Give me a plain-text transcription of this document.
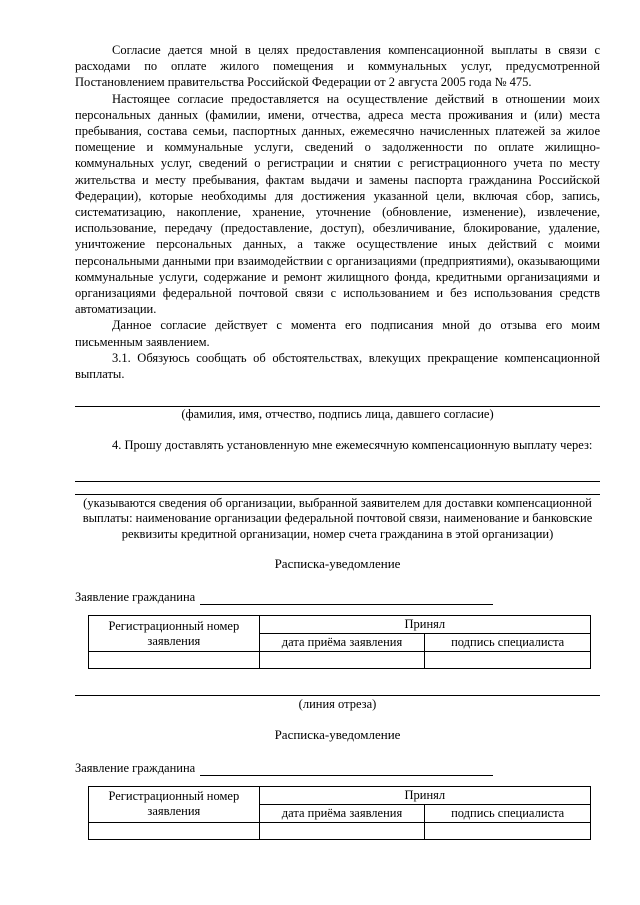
Согласие дается мной в целях предоставления компенсационной выплаты в связи с расходами по оплате жилого помещения и коммунальных услуг, предусмотренной Постановлением правительства Российской Федерации от 2 августа 2005 года № 475.

Настоящее согласие предоставляется на осуществление действий в отношении моих персональных данных (фамилии, имени, отчества, адреса места проживания и (или) места пребывания, состава семьи, паспортных данных, ежемесячно начисленных платежей за жилое помещение и коммунальные услуги, сведений о задолженности по оплате жилищно-коммунальных услуг, сведений о регистрации и снятии с регистрационного учета по месту жительства и месту пребывания, фактам выдачи и замены паспорта гражданина Российской Федерации), которые необходимы для достижения указанной цели, включая сбор, запись, систематизацию, накопление, хранение, уточнение (обновление, изменение), извлечение, использование, передачу (предоставление, доступ), обезличивание, блокирование, удаление, уничтожение персональных данных, а также осуществление иных действий с моими персональными данными при взаимодействии с организациями (предприятиями), оказывающими коммунальные услуги, содержание и ремонт жилищного фонда, кредитными организациями и организациями федеральной почтовой связи с использованием и без использования средств автоматизации.

Данное согласие действует с момента его подписания мной до отзыва его моим письменным заявлением.

3.1. Обязуюсь сообщать об обстоятельствах, влекущих прекращение компенсационной выплаты.

(фамилия, имя, отчество, подпись лица, давшего согласие)

4. Прошу доставлять установленную мне ежемесячную компенсационную выплату через:

(указываются сведения об организации, выбранной заявителем для доставки компенсационной выплаты: наименование организации федеральной почтовой связи, наименование и банковские реквизиты кредитной организации, номер счета гражданина в этой организации)
Расписка-уведомление
Заявление гражданина
Регистрационный номер заявления	Принял	
	дата приёма заявления	подпись специалиста

(линия отреза)
Расписка-уведомление
Заявление гражданина
Регистрационный номер заявления	Принял	
	дата приёма заявления	подпись специалиста
